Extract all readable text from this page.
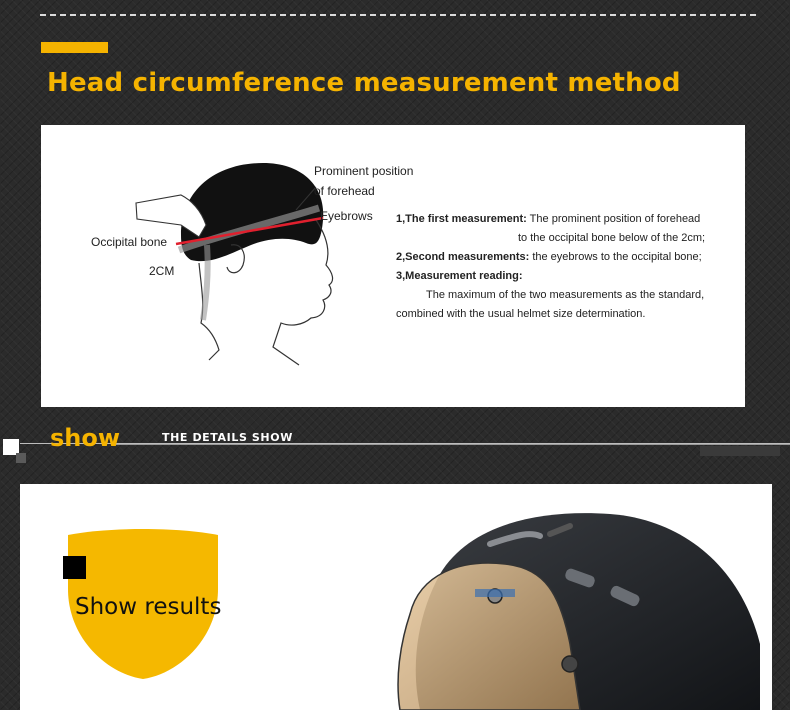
Head circumference measurement method
Prominent position
of forehead
Eyebrows
Occipital bone
2CM
1,The first measurement: The prominent position of forehead
to the occipital bone below of the 2cm;
2,Second measurements: the eyebrows to the occipital bone;
3,Measurement reading:
The maximum of the two measurements as the standard,
combined with the usual helmet size determination.
show	THE DETAILS SHOW
Show results
